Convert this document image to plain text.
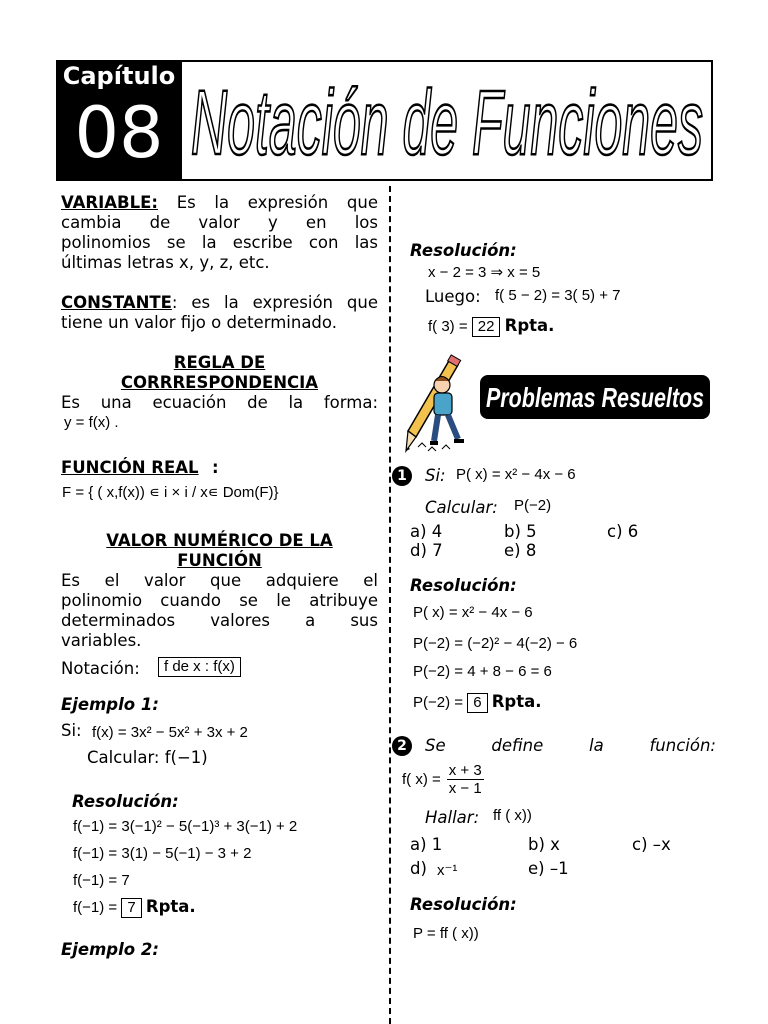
Capítulo
08 Notación de Funciones
VARIABLE: Es la expresión que
cambia de valor y en los
polinomios se la escribe con las
últimas letras x, y, z, etc.
CONSTANTE: es la expresión que
tiene un valor fijo o determinado.
REGLA DE
CORRRESPONDENCIA
Es una ecuación de la forma:
y = f(x) .
FUNCIÓN REAL :
F = { ( x,f(x)) ∊ i × i / x∊ Dom(F)}
VALOR NUMÉRICO DE LA
FUNCIÓN
Es el valor que adquiere el
polinomio cuando se le atribuye
determinados valores a sus
variables.
Notación:	f de x : f(x)
Ejemplo 1:
Si: f(x) = 3x² − 5x² + 3x + 2
Calcular: f(−1)
Resolución:
f(−1) = 3(−1)² − 5(−1)³ + 3(−1) + 2
f(−1) = 3(1) − 5(−1) − 3 + 2
f(−1) = 7
f(−1) = 7 Rpta.
Ejemplo 2:
Resolución:
x − 2 = 3 ⇒ x = 5
Luego: f( 5 − 2) = 3( 5) + 7
f( 3) = 22 Rpta.
Problemas Resueltos
1	Si: P( x) = x² − 4x − 6
Calcular: P(−2)
a) 4	b) 5	c) 6
d) 7	e) 8
Resolución:
P( x) = x² − 4x − 6
P(−2) = (−2)² − 4(−2) − 6
P(−2) = 4 + 8 − 6 = 6
P(−2) = 6 Rpta.
2	Se define la función:
f( $x) = \frac{x + 3}{x - 1}$
Hallar: ff ( x))
a) 1	b) x	c) –x
d) x⁻¹	e) –1
Resolución:
P = ff ( x))
